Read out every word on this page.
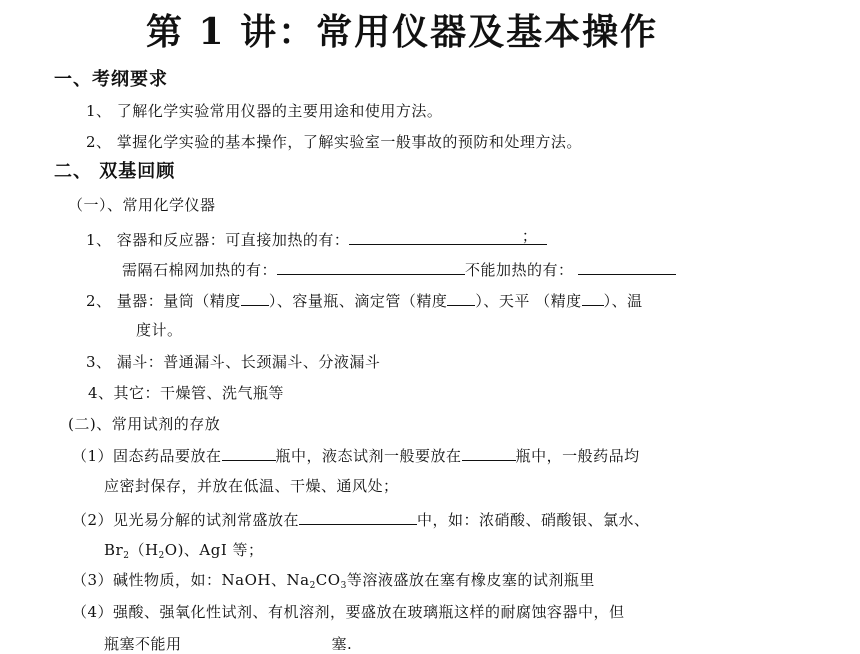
第 1 讲：常用仪器及基本操作
一、考纲要求
1、 了解化学实验常用仪器的主要用途和使用方法。
2、 掌握化学实验的基本操作，了解实验室一般事故的预防和处理方法。
二、 双基回顾
（一）、常用化学仪器
1、 容器和反应器：可直接加热的有：	；
需隔石棉网加热的有：	不能加热的有：
2、 量器：量筒（精度 ）、容量瓶、滴定管（精度 ）、天平 （精度 ）、温
度计。
3、 漏斗：普通漏斗、长颈漏斗、分液漏斗
4、其它：干燥管、洗气瓶等
(二)、常用试剂的存放
（1）固态药品要放在	瓶中，液态试剂一般要放在	瓶中，一般药品均
应密封保存，并放在低温、干燥、通风处；
（2）见光易分解的试剂常盛放在	中，如：浓硝酸、硝酸银、氯水、
$Br_2(H_2O)$、AgI 等；
（3）碱性物质，如：NaOH、$Na_2CO_3$等溶液盛放在塞有橡皮塞的试剂瓶里
（4）强酸、强氧化性试剂、有机溶剂，要盛放在玻璃瓶这样的耐腐蚀容器中，但
瓶塞不能用	塞.
